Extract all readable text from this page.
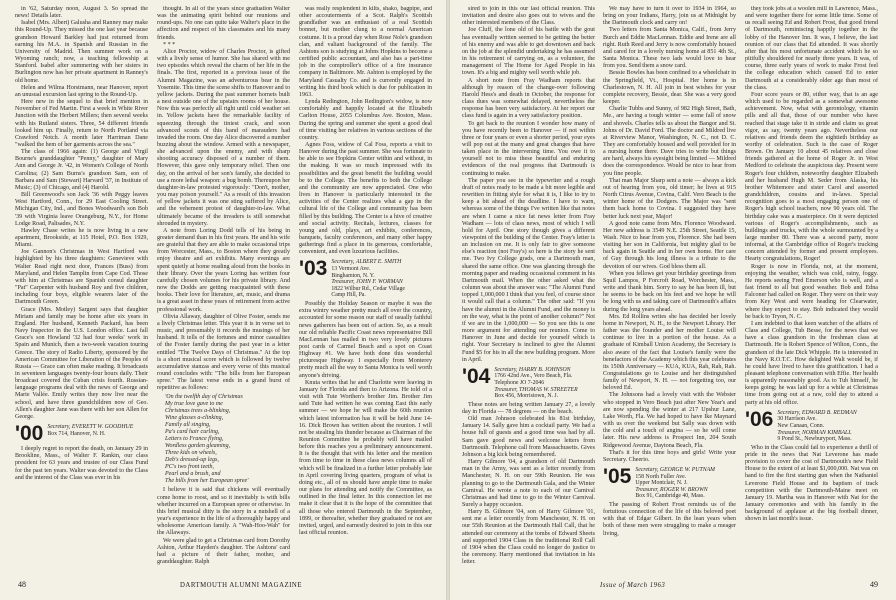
in '62, Saturday noon, August 3. So spread the news! Details later.

Isabel (Mrs. Albert) Galusha and Ranney may make this Round-Up. They missed the one last year because grandson Howard Barkley had just returned from earning his M.A. in Spanish and Russian in the University of Madrid. Then summer work on a Wyoming ranch; now, a teaching fellowship at Stanford. Isabel after summering with her sisters in Burlington now has her private apartment in Ranney's old home.

Helen and Wilma Horstmann, near Hanover, report an unusual excursion last spring to the Round-Up.

Here new in the sequel to that brief mention in November of Fed Martin. First a week in White River Junction with the Herbert Millers; then several weeks with his Rutland sisters. Three, 54 different friends looked him up. Finally, return to North Portland via Crawford Notch. A month later Harriman Dane "walked the hem of her garments across the sea."

The class of 1966 again: (1) George and Virgil Bourne's granddaughter "Penny," daughter of Mary Ann and George Jr. '42, in Women's College of North Carolina; (2) Sam Burns's grandson Sam, son of Barbara and Sam (Stewart) Harvard '37, in Institute of Music; (3) of Chicago, and (4) Harold.

Bill Greenwood's son Jack '36 with Peggy leaves West Hartford, Conn., for 29 East Cooling Street. Michigan City, Ind., and Bones Woodward's son Bob '39 with Virginia leave Orangeburg, N.Y., for Home Lodge Road, Palisades, N.Y.

Hawley Chase writes he is now living in a new apartment, Brookside, at 115 Hotel, P.O. Box 1929, Miami.

Joe Gannon's Christmas in West Hartford was highlighted by his three daughters: Genevieve with Walter Read right next door, Frances (Buss) from Maryland, and Helen Tamplin from Cape Cod. Those with him at Christmas are Spanish consul daughter "Pat" Carpenter with husband Roy and five children, including four boys, eligible wearers later of the Dartmouth Green.

Grace (Mrs. Motley) Sargent says that daughter Miriam and family may be home after six years in England. Her husband, Kenneth Packard, has been Navy Inspector in the U.S. London office. Last fall Grace's son Howland '32 had four weeks' work in Spain and Munich, then a two-week vacation touring Greece. The story of Radio Liberty, sponsored by the American Committee for Liberation of the Peoples of Russia — Grace can often make reading. It broadcasts in seventeen languages twenty-four hours daily. Their broadcast covered the Cuban crisis fourth. Russian-language programs deal with the news of George and Marie Vallée. Emily writes they now live near the school, and have three grandchildren now of Geo. Allen's daughter Jane was there with her son Allen for George.

'00 Secretary, EVERETT W. GOODHUE
Box 714, Hanover, N. H.

I deeply regret to report the death, on January 29 in Brookline, Mass., of Walter F. Rankin, our class president for 63 years and trustee of our Class Fund for the past ten years. Walter was devoted to the Class and the interest of the Class was ever in his

thought. In all of the years since graduation Walter was the animating spirit behind our reunions and round-ups. No one can quite take Walter's place in the affection and respect of his classmates and his many friends.

* * *

Alice Proctor, widow of Charles Proctor, is gifted with a lively sense of humor. She has shared with me two episodes which reveal the charm of her life in the finals. The first, reported in a previous issue of the Alumni Magazine, was an adventurous bear in the Yosemite. This time the scene shifts to Hanover and to yellow jackets. During the past summer hornets built a nest outside one of the upstairs rooms of her house. Now this was perfectly all right until cold weather set in. Yellow jackets have the remarkable facility of squeezing through the tiniest crack, and soon advanced scouts of this band of marauders had invaded the room. One day Alice discovered a number buzzing about the window. Armed with a newspaper, she advanced upon the enemy, and with sharp shooting accuracy disposed of a number of them. However, this gave only temporary relief. Then one day, on the arrival of her son's family, she decided to use a more lethal weapon: a bug bomb. Thereupon her daughter-in-law protested vigorously: "Don't, mother, you may poison yourself." As a result of this invasion of yellow jackets it was one sting suffered by Alice, and the vehement protest of daughter-in-law. What ultimately became of the invaders is still somewhat shrouded in mystery.

A note from Loring Dodd tells of his being in greater demand than in his first years. He and his wife are grateful that they are able to make occasional trips from Worcester, Mass., to Boston where they greatly enjoy theatre and art exhibits. Many evenings are spent quietly at home reading aloud from the books in their library. Over the years Loring has written four carefully chosen volumes for his private library. And now the Dodds are getting reacquainted with these books. Their love for literature, art, music, and drama is a great asset in these years of retirement from active professional work.

Olivia Allaway, daughter of Olive Foster, sends me a lively Christmas letter. This year it is in verse set to music, and presumably it records the musings of her husband. It tells of the fortunes and minor casualties of the Foster family during the past year in a letter entitled "The Twelve Days of Christmas." At the top is a short musical score which is followed by twelve accumulative stanzas and every verse of this musical round concludes with: "The bills from her European spree." The latest verse ends in a grand burst of repetitive as follows:

'On the twelfth day of Christmas
My true love gave to me
Christmas trees a-blinking,
Wine glasses a-clinking,
Family all singing,
Pa's card hair curling,
Letters to France flying,
Wordless garden gleaming,
Three kids on wheels,
Deb's dressed-up legs,
PC's two front teeth,
Pearl and a brush, and
The bills from her European spree'

I believe it is said that chickens will eventually come home to roost, and so it inevitably is with bills whether incurred on a European spree or otherwise. In this brief musical ditty is the story in a nutshell of a year's experience in the life of a thoroughly happy and wholesome American family. A "Wah-Hoo-Wah" for the Allaways.

We were glad to get a Christmas card from Dorothy Ashton, Arthur Hayden's daughter. The Ashtons' card had a picture of their father, mother, and granddaughter. Ralph

was really resplendent in kilts, shako, bagpipe, and other accouterments of a Scot. Ralph's Scottish grandfather was an enthusiast of a real Scottish bonnet, but mother clung to a normal American costume. It is a proud day when Rose Nole's grandson clan, and valiant background of the family. The Ashtons son is studying at Johns Hopkins to become a certified public accountant, and also has a part-time job in the comptroller's office of a fire insurance company in Baltimore. Mr. Ashton is employed by the Maryland Casualty Co. and is currently engaged in writing his third book which is due for publication in 1963.

Lynda Redington, John Redington's widow, is now comfortably and happily located at the Elizabeth Carlton House, 2055 Columbus Ave. Boston, Mass. During the spring and summer she spent a good deal of time visiting her relatives in various sections of the country.

Agnes Foss, widow of Cal Foss, reports a visit to Hanover during the past summer. She was fortunate to be able to see Hopkins Center within and without, in the making. It was so much impressed with its possibilities and the great benefit the building would be to the College. The benefits to both the College and the community are now appreciated. One who lives in Hanover is particularly interested in the activities of the Center realizes what a gap in the cultural life of the College and community has been filled by this building. The Center is a hive of creative and social activity. Recitals, lectures, classes for young and old, plays, art exhibits, conferences, banquets, faculty conferences, and many other happy gatherings find a place in its generous, comfortable, convenient, and even luxurious facilities.

'03 Secretary, ALBERT E. SMITH
13 Vermont Ave.
Binghamton, N. Y.
Treasurer, JOHN F. WORMAN
1822 Wilbur Rd., Cedar Village
Camp Hill, Pa.

Possibly the Holiday Season or maybe it was the extra wintry weather pretty much all over the country, accounted for some reason our staff of usually faithful news gatherers has been out of action. So, as a result our old reliable Pacific Coast news representative Bill MacLennan has mailed in two very lovely pictures post cards of Carmel Beach and a spot on Coast Highway #1. We have both done this wonderful picturesque Highway. I especially from Monterey pretty much all the way to Santa Monica is well worth anyone's driving.

Knuta writes that he and Charlotte were leaving in January for Florida and then to Arizona. He told of a visit with Tute Worthen's brother Jim. Brother Jim said Tute had written he was coming East this early summer — we hope he will make the 60th reunion which latest information has it will be held June 14-16. Dick Brown has written about the reunion. I will not be stealing his thunder because as Chairman of the Reunion Committee he probably will have mailed before this reaches you a preliminary announcement. It is the thought that with his letter and the mention from time to time in these class news columns all of which will be finalized in a further letter probably late in April covering living quarters, program of what is doing etc., all of us should have ample time to make our plans for attending and notify the Committee, as outlined in the final letter. In this connection let me make it clear that it is the hope of the committee that all those who entered Dartmouth in the September, 1899, or thereafter, whether they graduated or not are invited, urged, and earnestly desired to join in this our last official reunion.

48	DARTMOUTH ALUMNI MAGAZINE

sired to join in this our last official reunion. This invitation and desire also goes out to wives and the other interested members of the Class.

Joe Cluff, the lone old of his battle with the gout has eventually written seemed to be getting the better of his enemy and was able to get downtown and back on the job at the splendid undertaking he has assumed in his retirement of carrying on, as a volunteer, the management of The Home for Aged People in his town. It's a big and mighty well worth while job.

A short note from Fray Wadham reports that although by reason of the change-over following Harold Hess's and death in October, the response for class dues was somewhat delayed, nevertheless the response has been very satisfactory. At her report our class fund is again in a very satisfactory position.

To get back to the reunion I wonder how many of you have recently been to Hanover — if not within three or four years or even a shorter period, your eyes will pop out at the many and great changes that have taken place in the intervening time. You owe it to yourself not to miss these beautiful and enduring evidences of the real progress that Dartmouth is continuing to make.

The paper you see in the typewriter and a rough draft of notes ready to be made a bit more legible and rewritten in fitting style for what it is, I like to try to keep a bit ahead of the deadline. I have to warn, whereas some of the things I've written like that notes are when I came a nice fat news letter from Fray Wadham — lots of class news, most of which I will hold for April. One story though gives a different viewpoint of the building of the Center. Fray's letter is an inclusion on me. It is only fair to give someone else's reaction (not Fray's) so here is the story he sent me. Two Ivy College grads, one a Dartmouth man, shared the same office. One was glancing through the morning paper and reading occasional comment in his Dartmouth mail. When the other asked what the column was about the answer was: "The Alumni Fund topped 1,000,000 I think that you feel, of course since it would call that a column." The other said: "If you have the alumni in the Alumni Fund, and the money is on the way, what is the point of another column?" Not if we are in the 1,000,000 — So you see this is one more argument for attending our reunion. Come to Hanover in June and decide for yourself which is right. Your Secretary is inclined to give the Alumni Fund $5 for his in all the new building program. More in April.

'04 Secretary, HARRY B. JOHNSON
1766 42nd Ave., Vero Beach, Fla.
Telephone JO 7-2046
Treasurer, THOMAS W. STREETER
Box 456, Morristown, N. J.

These notes are being written January 27, a lovely day in Florida — 78 degrees — on the beach.

Old man Johnson celebrated his 81st birthday, January 14. Sally gave him a cocktail party. We had a house full of guests and a good time was had by all. Sam gave good news and welcome letters from Dartmouth. Telephone call from Massachusetts. Gives Johnson a big kick being remembered.

Harry Gilmore '04, a grandson of old Dartmouth man in the Army, was sent as a letter recently from Manchester, N. H. on our 59th Reunion. He was planning to go to the Dartmouth Gala, and the Winter Carnival. He wrote a note to each of our Carnival Christmas and had time to go to the Winter Carnival. Surely a happy occasion.

Harry B. Gilmore '04, son of Harry Gilmore '01, sent me a letter recently from Manchester, N. H. on our 55th Reunion at the Dartmouth Hall Call, that he attended our ceremony at the tombs of Edward Sheets and supported 1904 Class in the traditional Roll Call of 1904 when the Class could no longer do justice to the ceremony. Harry mentioned that invitation in his letter.

We may have to turn it over to 1934 in 1964, so bring on your Indians, Harry, join us at Midnight by the Dartmouth clock and carry on!

Two letters from Santa Monica, Calif., from Jerry Burch and Eddie MacLennan. Eddie and Irene are all right. Ruth Reed and Jerry is now comfortably housed and cared for in a lovely nursing home at 851 4th St., Santa Monica. These two lads would love to hear from you. Send them a snow card.

Bessie Bowles has been confined to a wheelchair in the Springfield, Vt., Hospital. Her home is in Charlestown, N. H. All join in best wishes for your complete recovery, Bessie, dear. She was a very good keeper.

Charlie Tubbs and Sunny, of 982 High Street, Bath, Me., are having a tough winter — some fall of snow and shovels. Charles tells us about the Bangor and St. Johns of Dr. David Ford. The doctor and Mildred live at Riverview Manor, Washington, N. C., not D. C. They are comfortably housed and well provided for in a nursing home there. Dave tries to write but things are hard, always his eyesight being limited — Mildred does the correspondence. Would be nice to hear from you fine people.

That man Major Sharp sent a note — always a kick out of hearing from you, old timer; he lives at 915 North Citrus Avenue, Covina, Calif. Vero Beach is the winter home of the Dodgers. The Major was "sent them back home to Covina. I suggested they have better luck next year, Major!

A good note came from Mrs. Florence Woodward. Her new address is 3549 N.E. 25th Street, Seattle 15, Wash. Nice to hear from you, Florence. She had been visiting her son in California, but mighty glad to be back again in Seattle and in her own home. Her care of Guy through his long illness is a tribute to the devotion of our wives. God bless them all.

When you fellows get your birthday greetings from Squil Lampos, P Forcroft Road, Worchester, Mass., write and thank him. Sorry to say he has been ill, but he seems to be back on his feet and we hope he will be long with us and taking care of Dartmouth's affairs during the long years ahead.

Mrs. Ed Rollins writes she has decided her lovely home in Newport, N. H., to the Newport Library. Her father was the founder and her mother Louise will continue to live in a portion of the house. As a graduate of Kimball Union Academy, the Secretary is also aware of the fact that Louise's family were the benefactors of the Academy which this year celebrates its 150th Anniversary — KUA, KUA, Rah, Rah, Rah. Congratulations go to Louise and her distinguished family of Newport, N. H. — not forgetting too, our beloved Ed.

The Johnsons had a lovely visit with the Webster who stopped in Vero Beach just after New Year's and are now spending the winter at 217 Upshur Lane, Lake Worth, Fla. We had hoped to have Ike Maynard with us over the weekend but Sally was down with the cold and a touch of angina — so he will come later. His new address is Prospect Inn, 204 South Ridgewood Avenue, Daytona Beach, Fla.

That's it for this time boys and girls! Write your Secretary. Cheerio.

'05 Secretary, GEORGE W. PUTNAM
158 North Fuller Ave.
Upper Montclair, N. J.
Treasurer, ROGER W. BROWN
Box 91, Cambridge 40, Mass.

The passing of Robert Frost reminds us of the fortuitous connection of the life of this beloved poet with that of Edgar Gilbert. In the lean years when both of these men were struggling to make a meager living,

they took jobs at a woolen mill in Lawrence, Mass., and were together there for some little time. Some of us recall seeing Ed and Robert Frost, that good friend of Dartmouth, reminiscing happily together in the lobby of the Hanover Inn. It was, I believe, the last reunion of our class that Ed attended. It was shortly after that his most unfortunate accident which he so pitifully shouldered for nearly three years. It was, of course, three early years of work to make Frost feel the college education which caused Ed to enter Dartmouth at a considerably older age than most of the class.

Four score years or 80, either way, that is an age which used to be regarded as a somewhat awesome achievement. Now, what with gerontology, vitamin pills and all that, those of our number who have reached that stage take it in stride and claim us great vigor, as say, twenty years ago. Nevertheless our relatives and friends deem the eightieth birthday as worthy of celebration. Such is the case of Roger Brown. On January 10 about 45 relatives and close friends gathered at the home of Roger Jr. in West Medford to celebrate the auspicious day. Present were Roger's four children, noteworthy daughter Elizabeth and her husband Hugh M. Seder from Alaska, his brother Whitemore and sister Carol and assorted grandchildren, cousins and in-laws. Special recognition goes to a most engaging person one of Roger's high school teachers, now 90 years old. The birthday cake was a masterpiece. On it were depicted various of Roger's accomplishments, such as buildings and trucks, with the whole surmounted by a large number 80. There was a second party, more informal, at the Cambridge office of Roger's trucking concern attended by former and present employees. Hearty congratulations, Roger!

Roger is now in Florida, not, at the moment, enjoying the weather, which was cold, rainy, foggy. He reports seeing Fred Emerson who is well, and a fast friend to all but good weather. Bob and Edna Falconer had called on Roger. They were on their way from Key West and were heading for Clearwater, where they expect to stay. Bob indicated they would be back to Tryon, N. C.

I am indebted to that keen watcher of the affairs of Class and College, Tub Besse, for the news that we have a class grandson in the freshman class at Dartmouth. He is Robert Spence of Wilton, Conn., the grandson of the late Dick Whipple. He is interested in the Navy R.O.T.C. How delighted Walt would be, if he could have lived to have this gratification. I had a pleasant telephone conversation with Effie. Her health is apparently reasonably good. As to Tub himself, he keeps going; he was laid up for a while at Christmas time from going out at a raw, cold day to attend a party at his old office.

'06 Secretary, EDWARD B. REDMAN
30 Harrison Ave.
New Canaan, Conn.
Treasurer, NORMAN KIMBALL
9 Pond St., Newburyport, Mass.

Who in the Class could fail to experience a thrill of pride in the news that Nat Leverone has made provision to cover the cost of Dartmouth's new Field House to the extent of at least $1,000,000. Nat was on hand to fire the first starting gun when the Nathaniel Leverone Field House and its baptism of track competition with the Dartmouth-Maine meet on January 19. Martha was in Hanover with Nat for the January ceremonies and with his family in the background of applause at the big football dinner, shown in last month's issue.

Issue of March 1963	49
